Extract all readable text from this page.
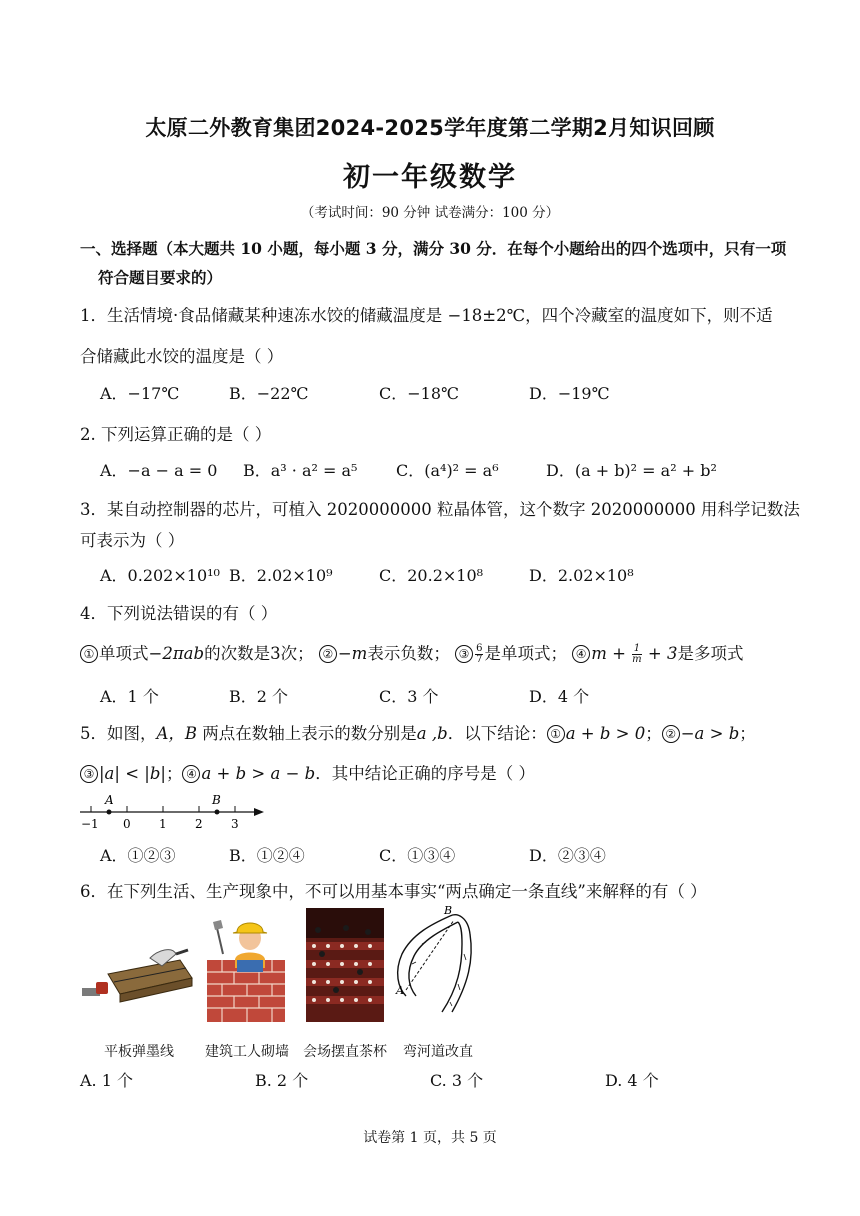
太原二外教育集团2024-2025学年度第二学期2月知识回顾
初一年级数学
（考试时间：90 分钟 试卷满分：100 分）
一、选择题（本大题共 10 小题，每小题 3 分，满分 30 分．在每个小题给出的四个选项中，只有一项
符合题目要求的）
1．生活情境·食品储藏某种速冻水饺的储藏温度是 −18±2℃，四个冷藏室的温度如下，则不适
合储藏此水饺的温度是（ ）
A．−17℃	B．−22℃	C．−18℃	D．−19℃
2. 下列运算正确的是（ ）
A．−a − a = 0 B．a³ · a² = a⁵ C．(a⁴)² = a⁶	D．(a + b)² = a² + b²
3．某自动控制器的芯片，可植入 2020000000 粒晶体管，这个数字 2020000000 用科学记数法
可表示为（ ）
A．0.202×10¹⁰ B．2.02×10⁹	C．20.2×10⁸	D．2.02×10⁸
4．下列说法错误的有（ ）
① 单项式−2πab的次数是3次； ② −m表示负数； ③ $\frac{6}{7}$ 是单项式； ④ $m + \frac{1}{m} + 3$是多项式
A．1 个	B．2 个	C．3 个	D．4 个
5．如图，A，B 两点在数轴上表示的数分别是a ,b．以下结论： ① a + b > 0； ② −a > b；
③ |a| < |b|； ④ a + b > a − b．其中结论正确的序号是（ ）
A	B
−1 0 1 2 3
A．①②③	B．①②④	C．①③④	D．②③④
6．在下列生活、生产现象中，不可以用基本事实“两点确定一条直线”来解释的有（ ）
B
A
平板弹墨线 建筑工人砌墙 会场摆直茶杯 弯河道改直
A. 1 个	B. 2 个	C. 3 个	D. 4 个
试卷第 1 页，共 5 页
